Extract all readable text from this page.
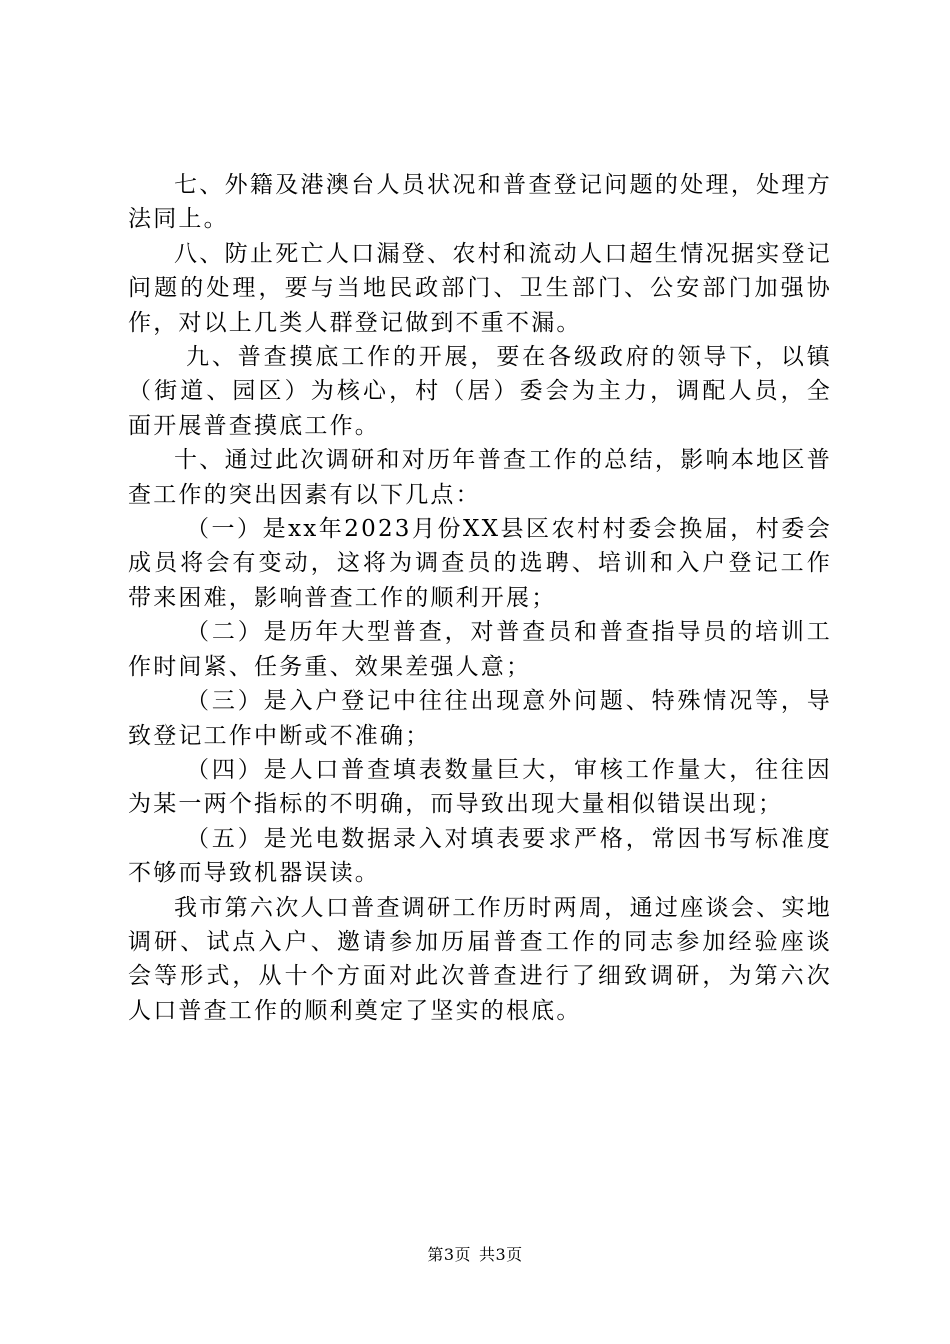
七、外籍及港澳台人员状况和普查登记问题的处理，处理方法同上。

八、防止死亡人口漏登、农村和流动人口超生情况据实登记问题的处理，要与当地民政部门、卫生部门、公安部门加强协作，对以上几类人群登记做到不重不漏。

九、普查摸底工作的开展，要在各级政府的领导下，以镇（街道、园区）为核心，村（居）委会为主力，调配人员，全面开展普查摸底工作。

十、通过此次调研和对历年普查工作的总结，影响本地区普查工作的突出因素有以下几点：

（一）是xx年2023月份XX县区农村村委会换届，村委会成员将会有变动，这将为调查员的选聘、培训和入户登记工作带来困难，影响普查工作的顺利开展；

（二）是历年大型普查，对普查员和普查指导员的培训工作时间紧、任务重、效果差强人意；

（三）是入户登记中往往出现意外问题、特殊情况等，导致登记工作中断或不准确；

（四）是人口普查填表数量巨大，审核工作量大，往往因为某一两个指标的不明确，而导致出现大量相似错误出现；

（五）是光电数据录入对填表要求严格，常因书写标准度不够而导致机器误读。

我市第六次人口普查调研工作历时两周，通过座谈会、实地调研、试点入户、邀请参加历届普查工作的同志参加经验座谈会等形式，从十个方面对此次普查进行了细致调研，为第六次人口普查工作的顺利奠定了坚实的根底。

第3页 共3页
